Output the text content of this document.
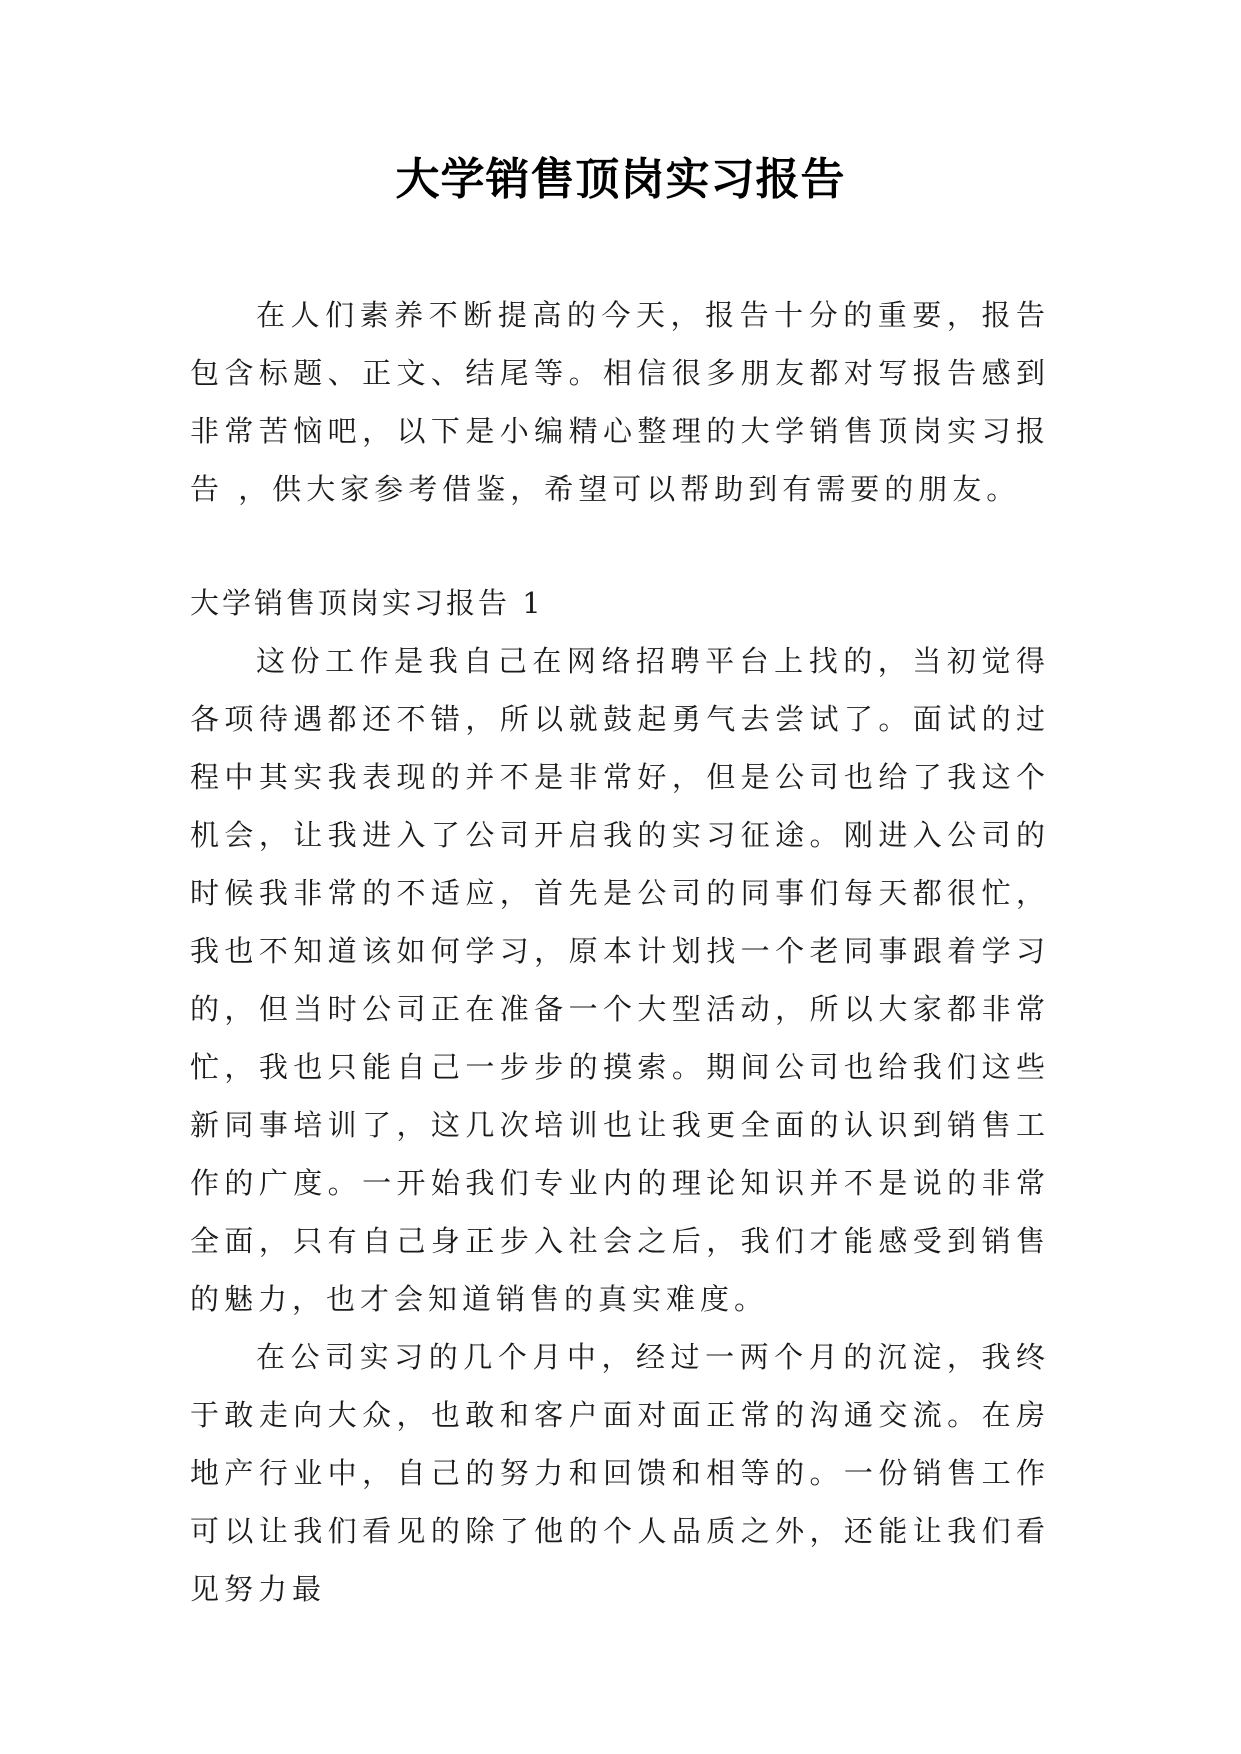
大学销售顶岗实习报告

在人们素养不断提高的今天，报告十分的重要，报告包含标题、正文、结尾等。相信很多朋友都对写报告感到非常苦恼吧，以下是小编精心整理的大学销售顶岗实习报告 ，供大家参考借鉴，希望可以帮助到有需要的朋友。

大学销售顶岗实习报告 1

这份工作是我自己在网络招聘平台上找的，当初觉得各项待遇都还不错，所以就鼓起勇气去尝试了。面试的过程中其实我表现的并不是非常好，但是公司也给了我这个机会，让我进入了公司开启我的实习征途。刚进入公司的时候我非常的不适应，首先是公司的同事们每天都很忙，我也不知道该如何学习，原本计划找一个老同事跟着学习的，但当时公司正在准备一个大型活动，所以大家都非常忙，我也只能自己一步步的摸索。期间公司也给我们这些新同事培训了，这几次培训也让我更全面的认识到销售工作的广度。一开始我们专业内的理论知识并不是说的非常全面，只有自己身正步入社会之后，我们才能感受到销售的魅力，也才会知道销售的真实难度。

在公司实习的几个月中，经过一两个月的沉淀，我终于敢走向大众，也敢和客户面对面正常的沟通交流。在房地产行业中，自己的努力和回馈和相等的。一份销售工作可以让我们看见的除了他的个人品质之外，还能让我们看见努力最
